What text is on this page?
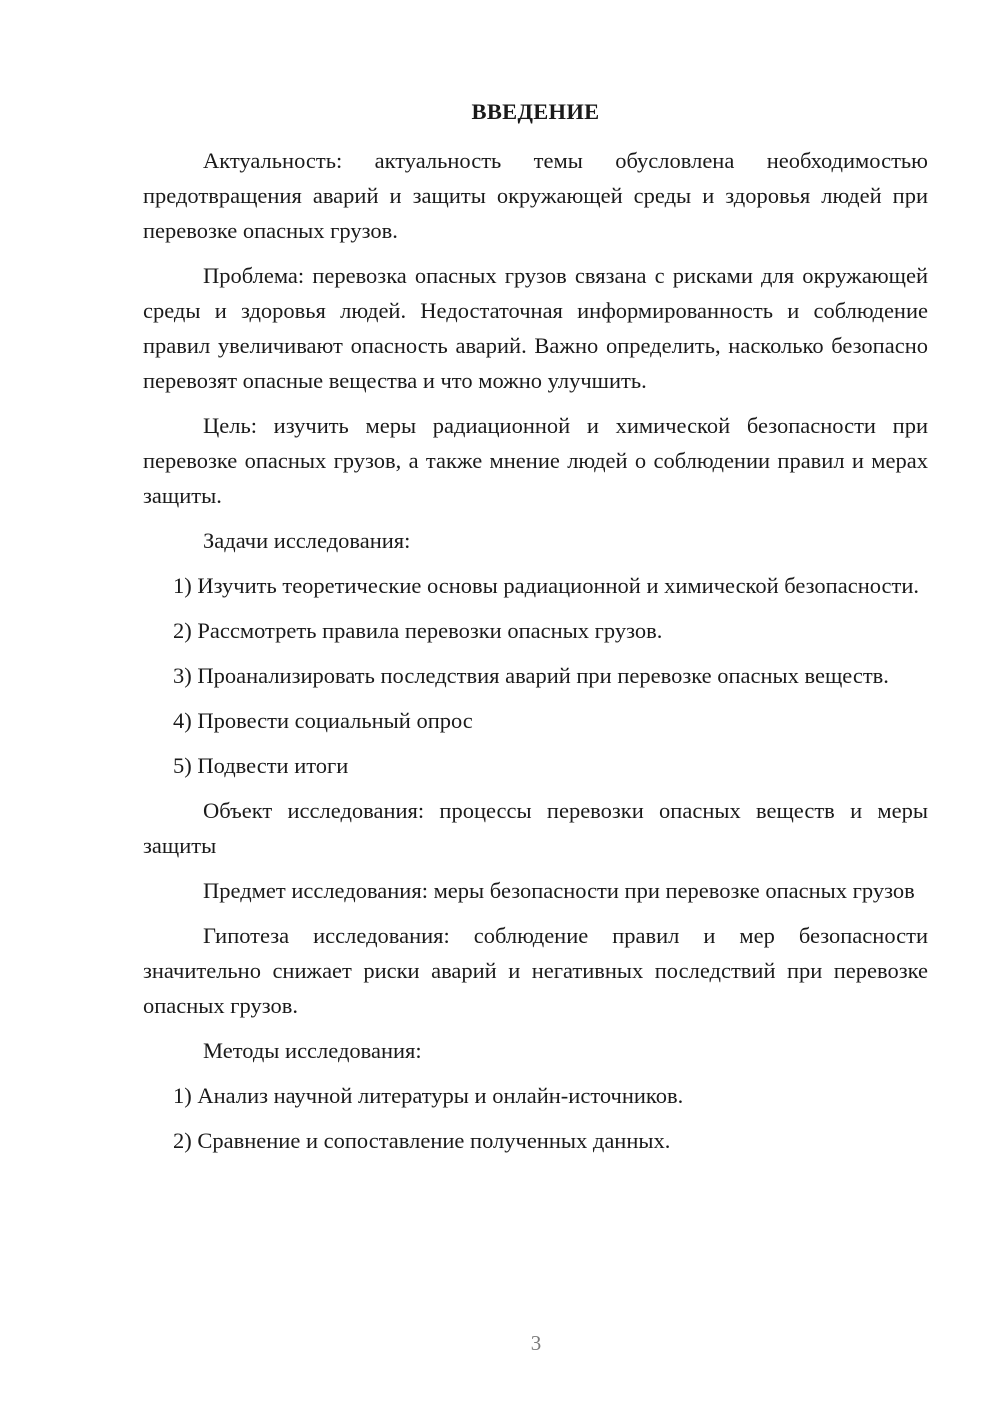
ВВЕДЕНИЕ

Актуальность: актуальность темы обусловлена необходимостью предотвращения аварий и защиты окружающей среды и здоровья людей при перевозке опасных грузов.

Проблема: перевозка опасных грузов связана с рисками для окружающей среды и здоровья людей. Недостаточная информированность и соблюдение правил увеличивают опасность аварий. Важно определить, насколько безопасно перевозят опасные вещества и что можно улучшить.

Цель: изучить меры радиационной и химической безопасности при перевозке опасных грузов, а также мнение людей о соблюдении правил и мерах защиты.

Задачи исследования:

1) Изучить теоретические основы радиационной и химической безопасности.

2) Рассмотреть правила перевозки опасных грузов.

3) Проанализировать последствия аварий при перевозке опасных веществ.

4) Провести социальный опрос

5) Подвести итоги

Объект исследования: процессы перевозки опасных веществ и меры защиты

Предмет исследования: меры безопасности при перевозке опасных грузов

Гипотеза исследования: соблюдение правил и мер безопасности значительно снижает риски аварий и негативных последствий при перевозке опасных грузов.

Методы исследования:

1) Анализ научной литературы и онлайн-источников.

2) Сравнение и сопоставление полученных данных.

3
